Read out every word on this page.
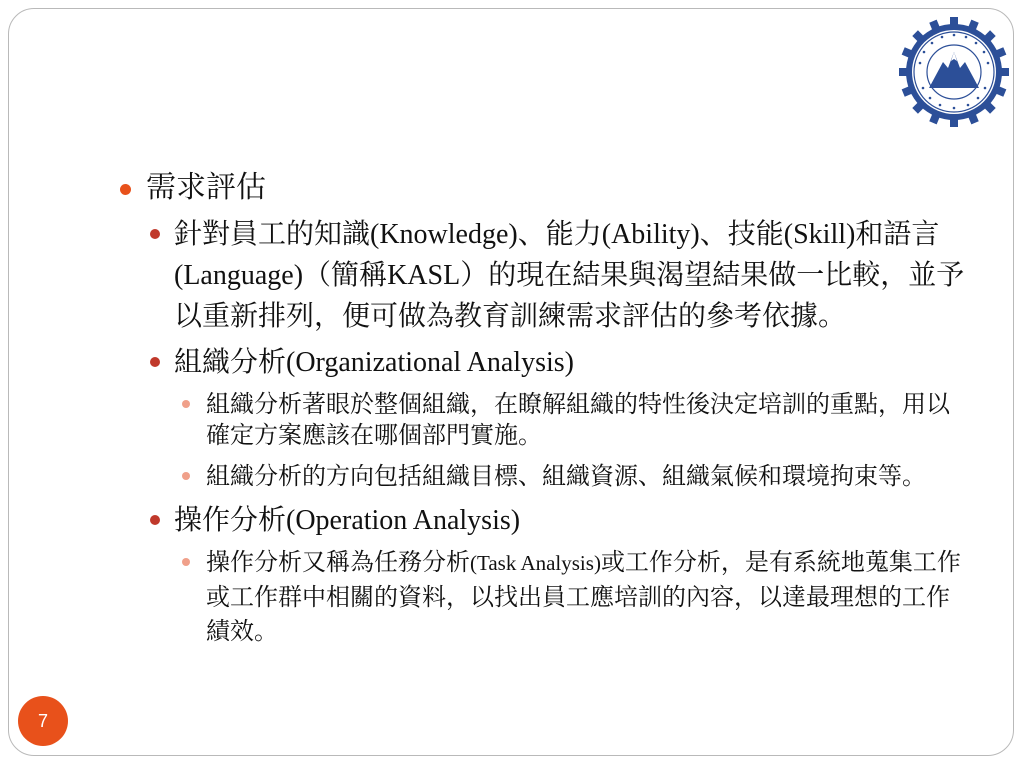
需求評估
針對員工的知識(Knowledge)、能力(Ability)、技能(Skill)和語言(Language)（簡稱KASL）的現在結果與渴望結果做一比較，並予以重新排列，便可做為教育訓練需求評估的參考依據。
組織分析(Organizational Analysis)
組織分析著眼於整個組織，在瞭解組織的特性後決定培訓的重點，用以確定方案應該在哪個部門實施。
組織分析的方向包括組織目標、組織資源、組織氣候和環境拘束等。
操作分析(Operation Analysis)
操作分析又稱為任務分析(Task Analysis)或工作分析，是有系統地蒐集工作或工作群中相關的資料，以找出員工應培訓的內容，以達最理想的工作績效。
7
